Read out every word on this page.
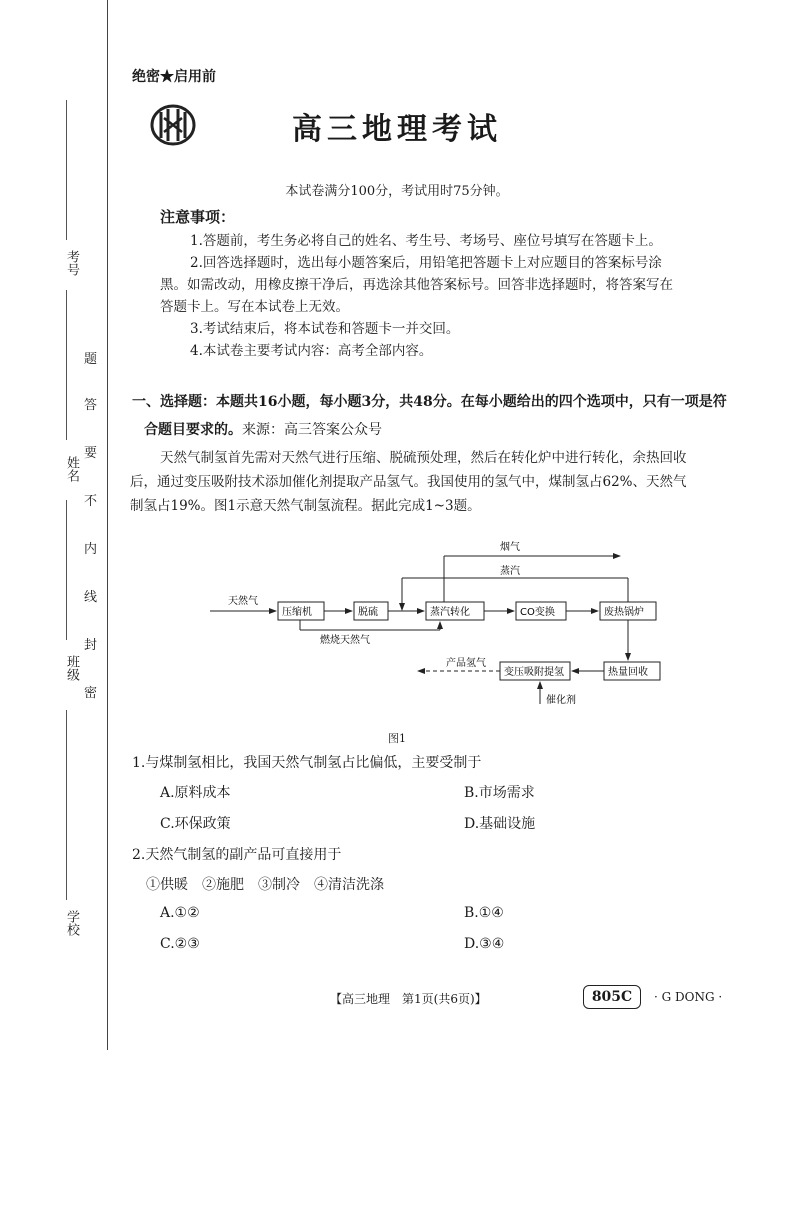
考号
姓名
班级
学校
题
答
要
不
内
线
封
密
绝密★启用前
高三地理考试
本试卷满分100分，考试用时75分钟。
注意事项：
1.答题前，考生务必将自己的姓名、考生号、考场号、座位号填写在答题卡上。
2.回答选择题时，选出每小题答案后，用铅笔把答题卡上对应题目的答案标号涂
黑。如需改动，用橡皮擦干净后，再选涂其他答案标号。回答非选择题时，将答案写在
答题卡上。写在本试卷上无效。
3.考试结束后，将本试卷和答题卡一并交回。
4.本试卷主要考试内容：高考全部内容。
一、选择题：本题共16小题，每小题3分，共48分。在每小题给出的四个选项中，只有一项是符
合题目要求的。来源：高三答案公众号

天然气制氢首先需对天然气进行压缩、脱硫预处理，然后在转化炉中进行转化，余热回收

后，通过变压吸附技术添加催化剂提取产品氢气。我国使用的氢气中，煤制氢占62%、天然气

制氢占19%。图1示意天然气制氢流程。据此完成1~3题。

天然气
压缩机	脱硫	蒸汽转化	CO变换	废热锅炉
烟气
蒸汽
燃烧天然气
热量回收
变压吸附提氢
产品氢气
催化剂
图1
1.与煤制氢相比，我国天然气制氢占比偏低，主要受制于
A.原料成本	B.市场需求
C.环保政策	D.基础设施
2.天然气制氢的副产品可直接用于
①供暖　②施肥　③制冷　④清洁洗涤
A.①②	B.①④
C.②③	D.③④
【高三地理　第1页(共6页)】	805C	· G DONG ·
